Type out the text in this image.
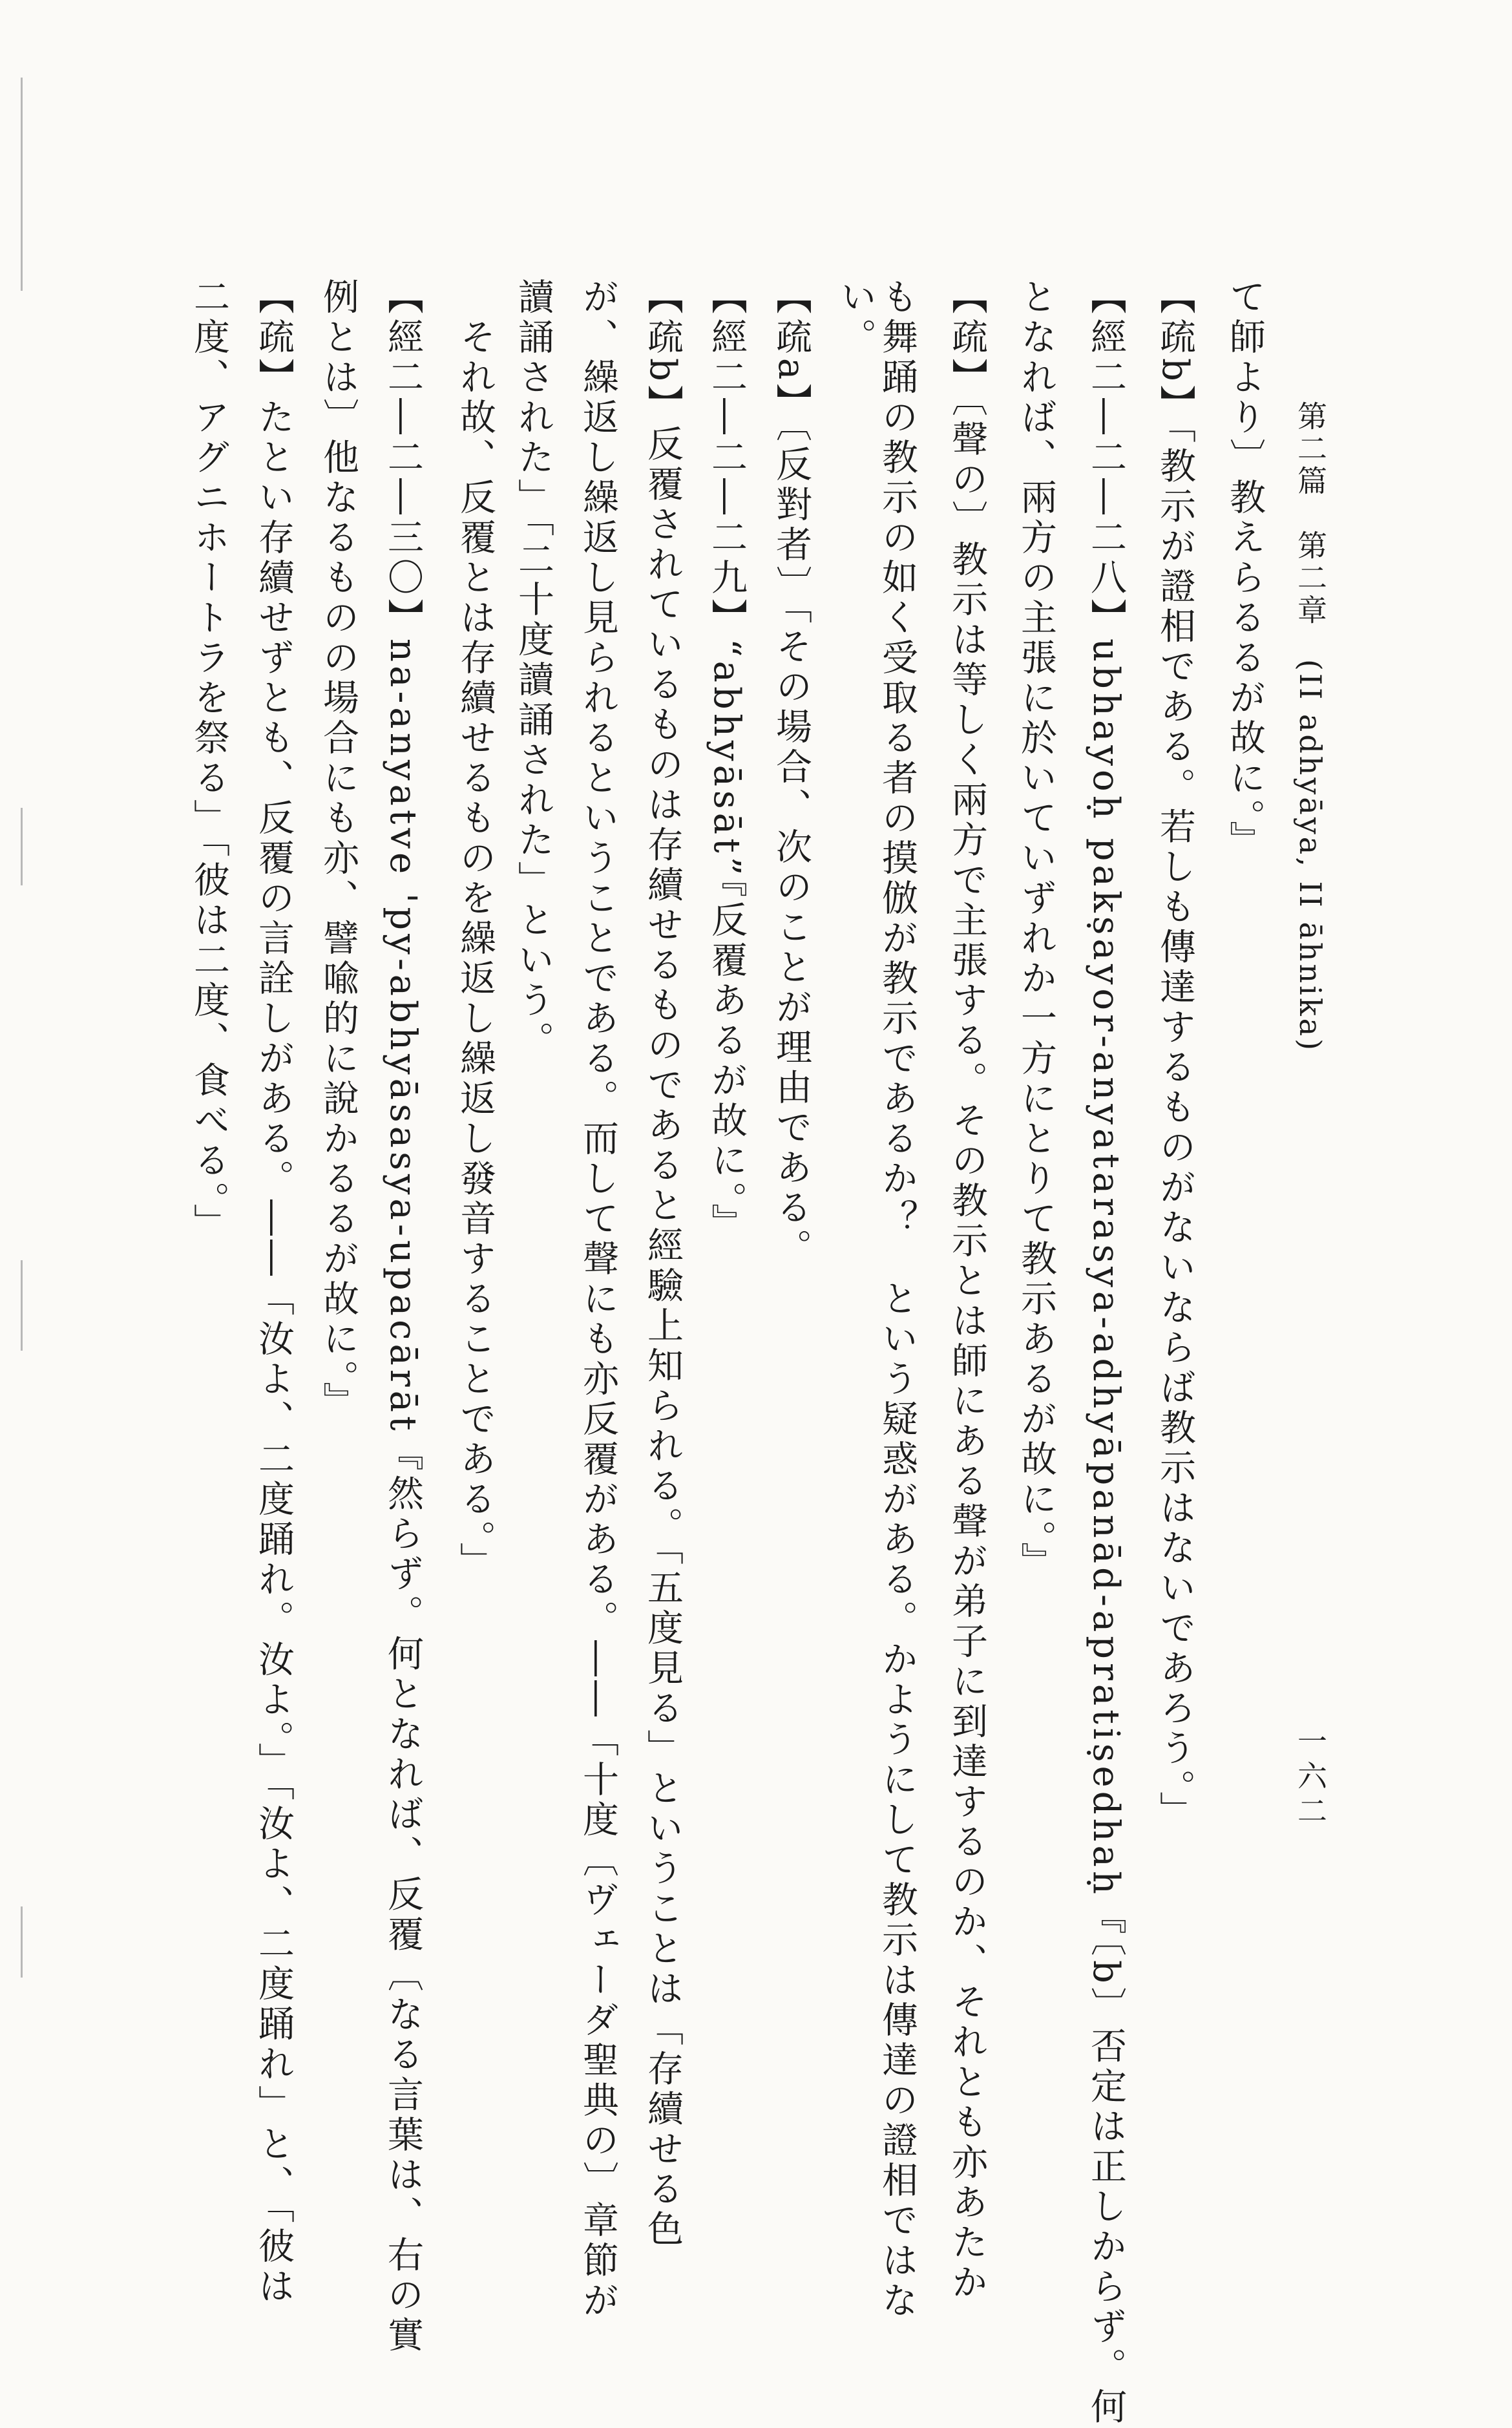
第二篇　第二章　(II adhyāya, II āhnika)
一六二
て師より〕教えらるるが故に。』
【疏b】「教示が證相である。若しも傳達するものがないならば教示はないであろう。」
【經二―二―二八】ubhayoḥ pakṣayor-anyatarasya-adhyāpanād-apratiṣedhaḥ『〔b〕否定は正しからず。何
となれば、兩方の主張に於いていずれか一方にとりて教示あるが故に。』
【疏】〔聲の〕教示は等しく兩方で主張する。その教示とは師にある聲が弟子に到達するのか、それとも亦あたか
も舞踊の教示の如く受取る者の摸倣が教示であるか？　という疑惑がある。かようにして教示は傳達の證相ではな
い。
【疏a】〔反對者〕「その場合、次のことが理由である。
【經二―二―二九】“abhyāsāt”『反覆あるが故に。』
【疏b】反覆されているものは存續せるものであると經驗上知られる。「五度見る」ということは「存續せる色
が、繰返し繰返し見られるということである。而して聲にも亦反覆がある。――「十度〔ヴェーダ聖典の〕章節が
讀誦された」「二十度讀誦された」という。
　それ故、反覆とは存續せるものを繰返し繰返し發音することである。」
【經二―二―三〇】na-anyatve 'py-abhyāsasya-upacārāt『然らず。何となれば、反覆〔なる言葉は、右の實
例とは〕他なるものの場合にも亦、譬喩的に說かるるが故に。』
【疏】たとい存續せずとも、反覆の言詮しがある。――「汝よ、二度踊れ。汝よ。」「汝よ、二度踊れ」と、「彼は
二度、アグニホートラを祭る」「彼は二度、食べる。」
